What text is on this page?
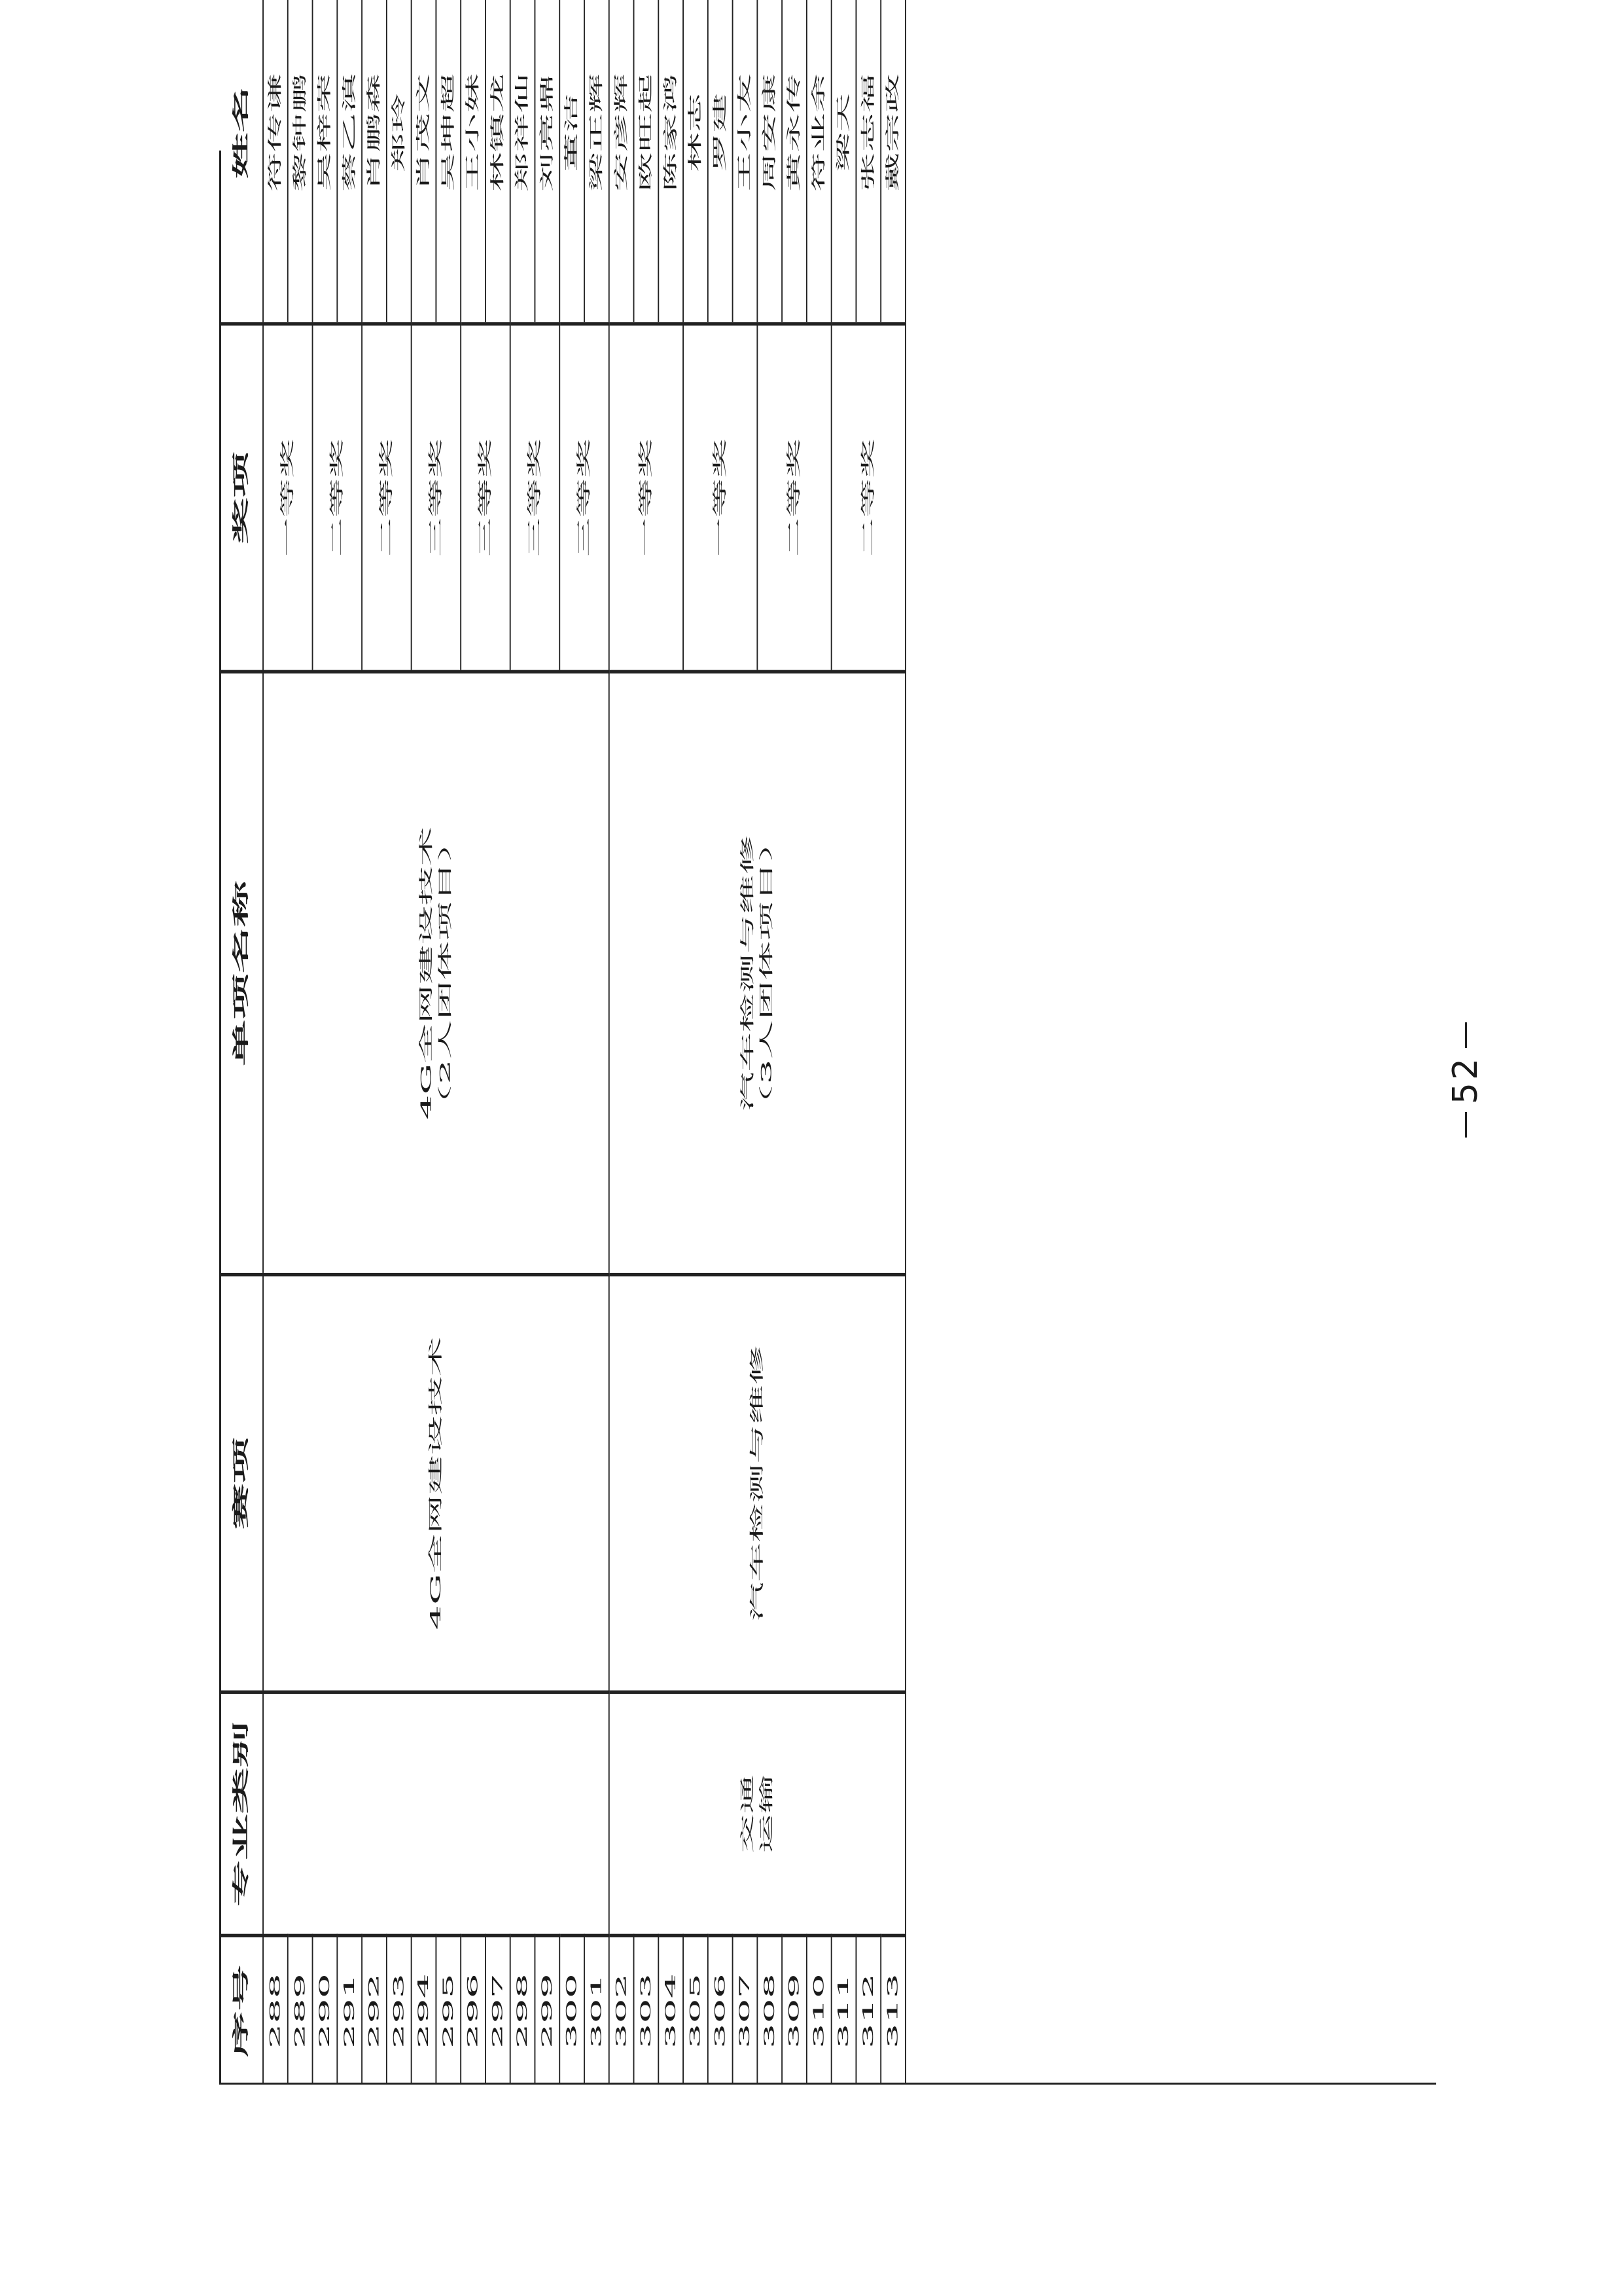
序号
专业类别
赛项
单项名称
奖项
姓名
交通
运输
4G全网建设技术	汽车检测与维修
4G全网建设技术
（2人团体项目）	汽车检测与维修
（3人团体项目）
一等奖
288
符传谦
289
黎钟鹏
二等奖
290
吴梓荣
291
蔡乙滇
二等奖
292
肖鹏森
293
郑玲
三等奖
294
肖茂文
295
吴坤超
三等奖
296
王小妹
297
林镇龙
三等奖
298
郑祥仙
299
刘亮鼎
三等奖
300
董洁
301
梁正辉
一等奖
302
安彦辉
303
欧旺起
304
陈家鸿
一等奖
305
林志
306
罗建
307
王小友
二等奖
308
周安康
309
黄永传
310
符业余
二等奖
311
梁天
312
张志福
313
戴宗政
52
